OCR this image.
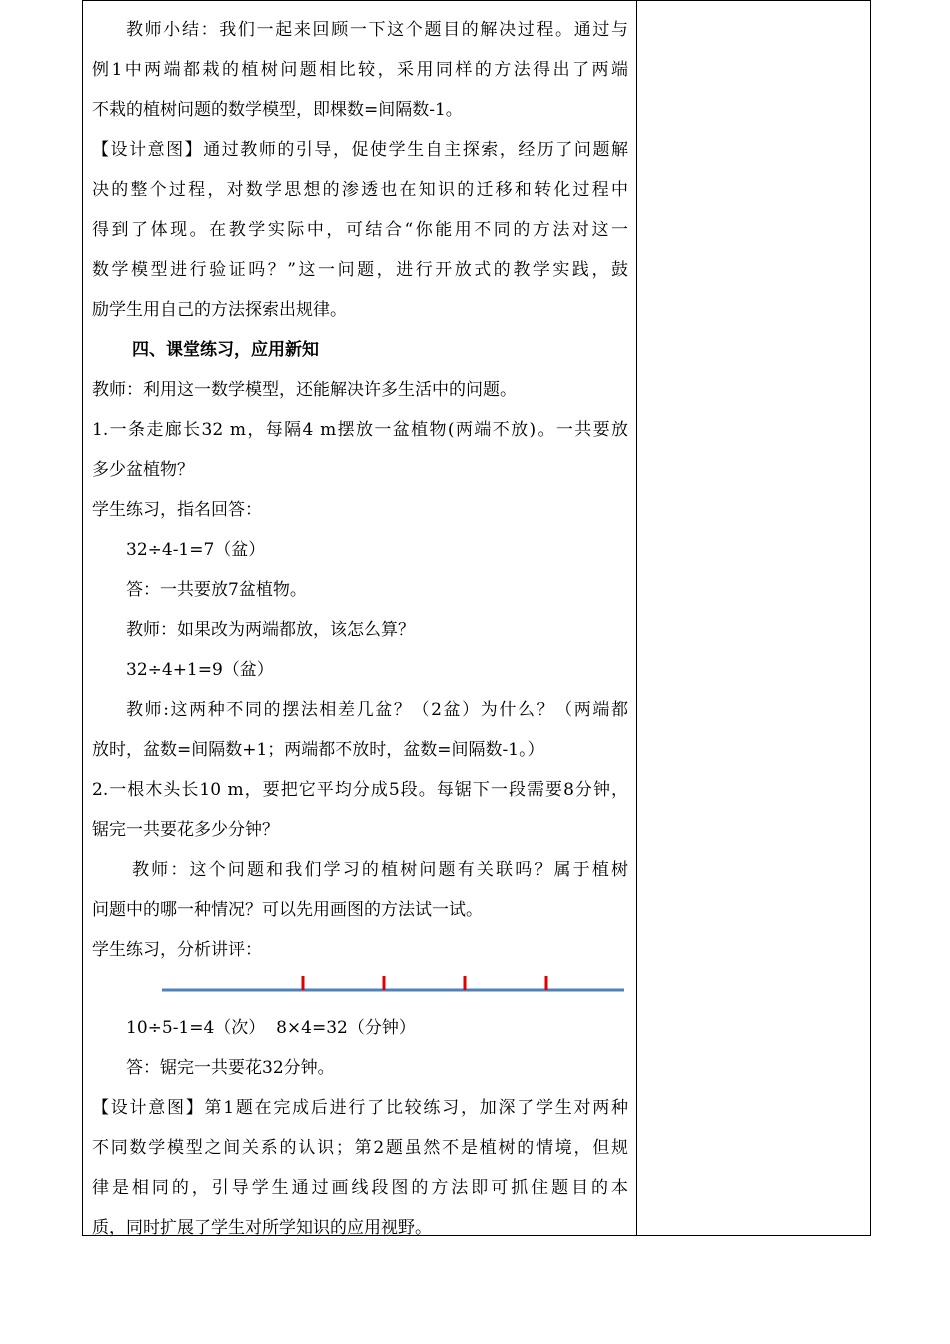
教师小结：我们一起来回顾一下这个题目的解决过程。通过与
例1中两端都栽的植树问题相比较，采用同样的方法得出了两端
不栽的植树问题的数学模型，即棵数=间隔数-1。
【设计意图】通过教师的引导，促使学生自主探索，经历了问题解
决的整个过程，对数学思想的渗透也在知识的迁移和转化过程中
得到了体现。在教学实际中，可结合“你能用不同的方法对这一
数学模型进行验证吗？”这一问题，进行开放式的教学实践，鼓
励学生用自己的方法探索出规律。
四、课堂练习，应用新知
教师：利用这一数学模型，还能解决许多生活中的问题。
1.一条走廊长32 m，每隔4 m摆放一盆植物(两端不放)。一共要放
多少盆植物？
学生练习，指名回答：
32÷4-1=7（盆）
答：一共要放7盆植物。
教师：如果改为两端都放，该怎么算？
32÷4+1=9（盆）
教师:这两种不同的摆法相差几盆？（2盆）为什么？（两端都
放时，盆数=间隔数+1；两端都不放时，盆数=间隔数-1。）
2.一根木头长10 m，要把它平均分成5段。每锯下一段需要8分钟，
锯完一共要花多少分钟？
教师：这个问题和我们学习的植树问题有关联吗？属于植树
问题中的哪一种情况？可以先用画图的方法试一试。
学生练习，分析讲评：
10÷5-1=4（次）  8×4=32（分钟）
答：锯完一共要花32分钟。
【设计意图】第1题在完成后进行了比较练习，加深了学生对两种
不同数学模型之间关系的认识；第2题虽然不是植树的情境，但规
律是相同的，引导学生通过画线段图的方法即可抓住题目的本
质，同时扩展了学生对所学知识的应用视野。
